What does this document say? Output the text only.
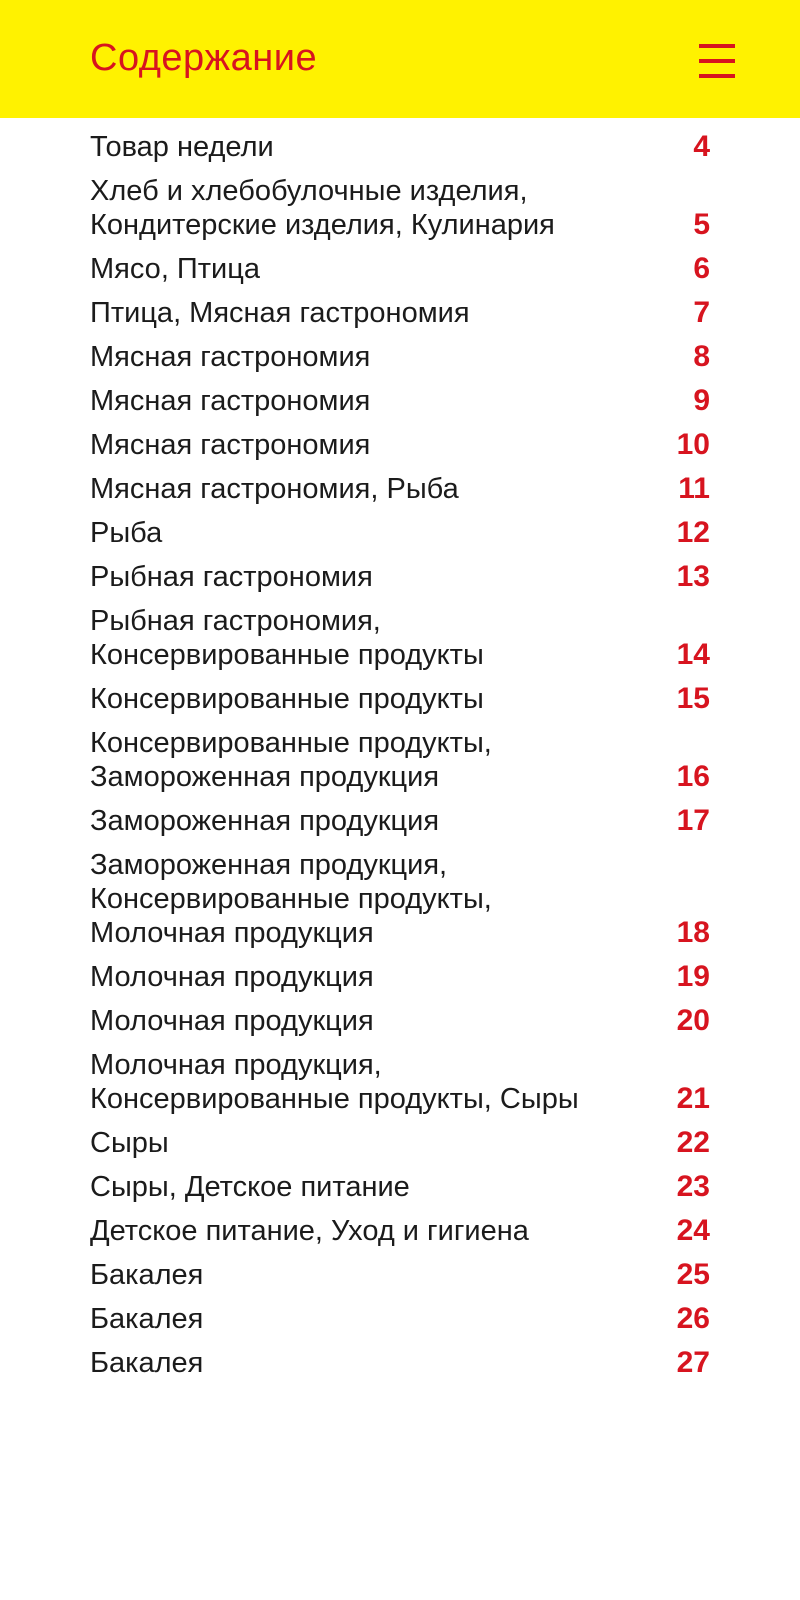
Содержание
Товар недели	4
Хлеб и хлебобулочные изделия,
Кондитерские изделия, Кулинария	5
Мясо, Птица	6
Птица, Мясная гастрономия	7
Мясная гастрономия	8
Мясная гастрономия	9
Мясная гастрономия	10
Мясная гастрономия, Рыба	11
Рыба	12
Рыбная гастрономия	13
Рыбная гастрономия,
Консервированные продукты	14
Консервированные продукты	15
Консервированные продукты,
Замороженная продукция	16
Замороженная продукция	17
Замороженная продукция,
Консервированные продукты,
Молочная продукция	18
Молочная продукция	19
Молочная продукция	20
Молочная продукция,
Консервированные продукты, Сыры	21
Сыры	22
Сыры, Детское питание	23
Детское питание, Уход и гигиена	24
Бакалея	25
Бакалея	26
Бакалея	27
